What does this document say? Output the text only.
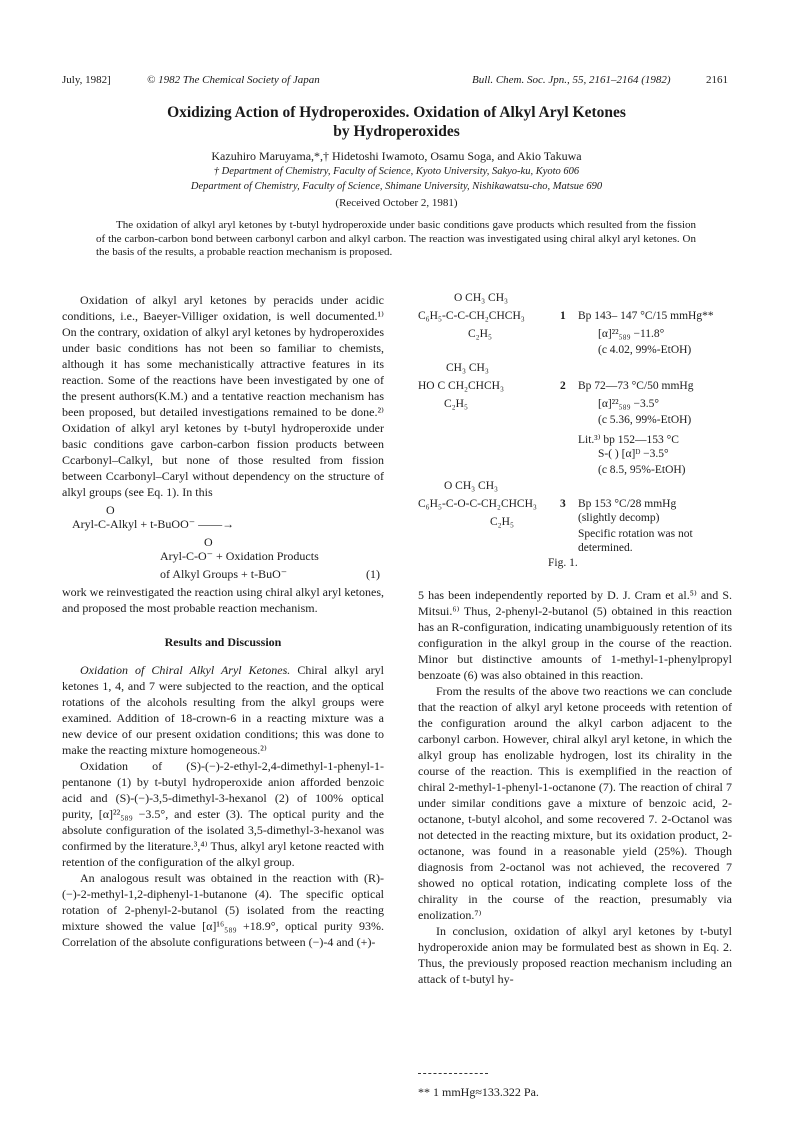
July, 1982]	© 1982 The Chemical Society of Japan	Bull. Chem. Soc. Jpn., 55, 2161–2164 (1982)	2161
Oxidizing Action of Hydroperoxides. Oxidation of Alkyl Aryl Ketones
by Hydroperoxides
Kazuhiro Maruyama,*,† Hidetoshi Iwamoto, Osamu Soga, and Akio Takuwa
† Department of Chemistry, Faculty of Science, Kyoto University, Sakyo-ku, Kyoto 606
Department of Chemistry, Faculty of Science, Shimane University, Nishikawatsu-cho, Matsue 690
(Received October 2, 1981)
The oxidation of alkyl aryl ketones by t-butyl hydroperoxide under basic conditions gave products which resulted from the fission of the carbon-carbon bond between carbonyl carbon and alkyl carbon. The reaction was investigated using chiral alkyl aryl ketones. On the basis of the results, a probable reaction mechanism is proposed.

Oxidation of alkyl aryl ketones by peracids under acidic conditions, i.e., Baeyer-Villiger oxidation, is well documented.¹⁾ On the contrary, oxidation of alkyl aryl ketones by hydroperoxides under basic conditions has not been so familiar to chemists, although it has some mechanistically attractive features in its reaction. Some of the reactions have been investigated by one of the present authors(K.M.) and a tentative reaction mechanism has been proposed, but detailed investigations remained to be done.²⁾ Oxidation of alkyl aryl ketones by t-butyl hydroperoxide under basic conditions gave carbon-carbon fission products between Ccarbonyl–Calkyl, but none of those resulted from fission between Ccarbonyl–Caryl without dependency on the structure of alkyl groups (see Eq. 1). In this

O
Aryl-C-Alkyl + t-BuOO⁻ ——→
O
Aryl-C-O⁻ + Oxidation Products
of Alkyl Groups + t-BuO⁻	(1)

work we reinvestigated the reaction using chiral alkyl aryl ketones, and proposed the most probable reaction mechanism.

Results and Discussion

Oxidation of Chiral Alkyl Aryl Ketones. Chiral alkyl aryl ketones 1, 4, and 7 were subjected to the reaction, and the optical rotations of the alcohols resulting from the alkyl groups were examined. Addition of 18-crown-6 in a reacting mixture was a new device of our present oxidation conditions; this was done to make the reacting mixture homogeneous.²⁾

Oxidation of (S)-(−)-2-ethyl-2,4-dimethyl-1-phenyl-1-pentanone (1) by t-butyl hydroperoxide anion afforded benzoic acid and (S)-(−)-3,5-dimethyl-3-hexanol (2) of 100% optical purity, [α]²²₅₈₉ −3.5°, and ester (3). The optical purity and the absolute configuration of the isolated 3,5-dimethyl-3-hexanol was confirmed by the literature.³,⁴⁾ Thus, alkyl aryl ketone reacted with retention of the configuration of the alkyl group.

An analogous result was obtained in the reaction with (R)-(−)-2-methyl-1,2-diphenyl-1-butanone (4). The specific optical rotation of 2-phenyl-2-butanol (5) isolated from the reacting mixture showed the value [α]¹⁶₅₈₉ +18.9°, optical purity 93%. Correlation of the absolute configurations between (−)-4 and (+)-

O CH₃ CH₃
C₆H₅-C-C-CH₂CHCH₃
C₂H₅
1 Bp 143– 147 °C/15 mmHg**
[α]²²₅₈₉ −11.8°
(c 4.02, 99%-EtOH)
CH₃ CH₃
HO C CH₂CHCH₃
C₂H₅
2 Bp 72—73 °C/50 mmHg
[α]²²₅₈₉ −3.5°
(c 5.36, 99%-EtOH)
Lit.³⁾ bp 152—153 °C
S-( ) [α]ᴰ −3.5°
(c 8.5, 95%-EtOH)
O CH₃ CH₃
C₆H₅-C-O-C-CH₂CHCH₃
C₂H₅
3 Bp 153 °C/28 mmHg
(slightly decomp)
Specific rotation was not
determined.
Fig. 1.

5 has been independently reported by D. J. Cram et al.⁵⁾ and S. Mitsui.⁶⁾ Thus, 2-phenyl-2-butanol (5) obtained in this reaction has an R-configuration, indicating unambiguously retention of its configuration in the alkyl group in the course of the reaction. Minor but distinctive amounts of 1-methyl-1-phenylpropyl benzoate (6) was also obtained in this reaction.

From the results of the above two reactions we can conclude that the reaction of alkyl aryl ketone proceeds with retention of the configuration around the alkyl carbon adjacent to the carbonyl carbon. However, chiral alkyl aryl ketone, in which the alkyl group has enolizable hydrogen, lost its chirality in the course of the reaction. This is exemplified in the reaction of chiral 2-methyl-1-phenyl-1-octanone (7). The reaction of chiral 7 under similar conditions gave a mixture of benzoic acid, 2-octanone, t-butyl alcohol, and some recovered 7. 2-Octanol was not detected in the reacting mixture, but its oxidation product, 2-octanone, was found in a reasonable yield (25%). Though diagnosis from 2-octanol was not achieved, the recovered 7 showed no optical rotation, indicating complete loss of the chirality in the course of the reaction, presumably via enolization.⁷⁾

In conclusion, oxidation of alkyl aryl ketones by t-butyl hydroperoxide anion may be formulated best as shown in Eq. 2. Thus, the previously proposed reaction mechanism including an attack of t-butyl hy-

** 1 mmHg≈133.322 Pa.
